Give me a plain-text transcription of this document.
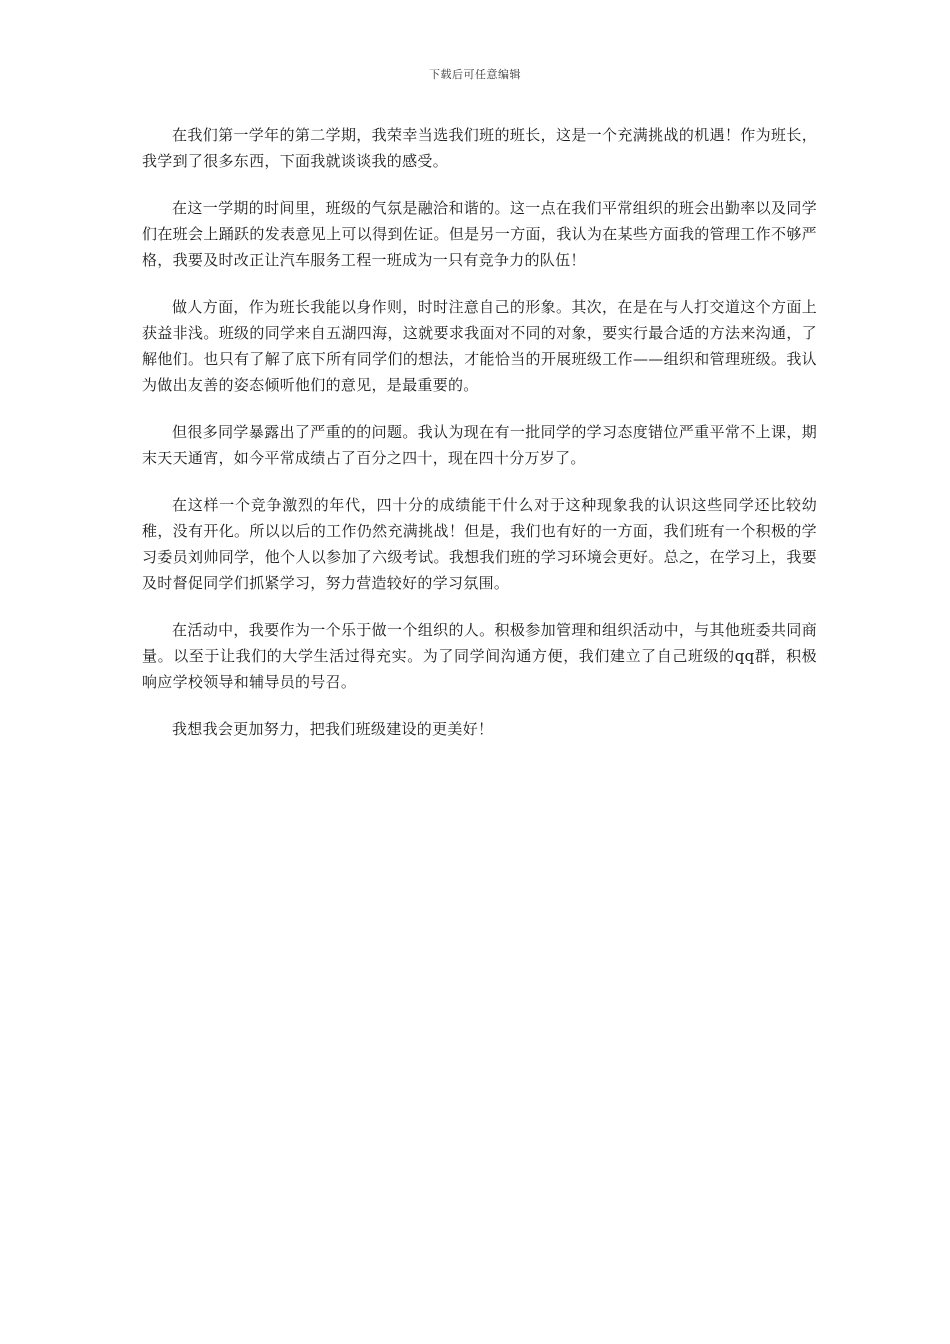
下载后可任意编辑

在我们第一学年的第二学期，我荣幸当选我们班的班长，这是一个充满挑战的机遇！作为班长，我学到了很多东西，下面我就谈谈我的感受。

在这一学期的时间里，班级的气氛是融洽和谐的。这一点在我们平常组织的班会出勤率以及同学们在班会上踊跃的发表意见上可以得到佐证。但是另一方面，我认为在某些方面我的管理工作不够严格，我要及时改正让汽车服务工程一班成为一只有竞争力的队伍！

做人方面，作为班长我能以身作则，时时注意自己的形象。其次，在是在与人打交道这个方面上获益非浅。班级的同学来自五湖四海，这就要求我面对不同的对象，要实行最合适的方法来沟通，了解他们。也只有了解了底下所有同学们的想法，才能恰当的开展班级工作——组织和管理班级。我认为做出友善的姿态倾听他们的意见，是最重要的。

但很多同学暴露出了严重的的问题。我认为现在有一批同学的学习态度错位严重平常不上课，期末天天通宵，如今平常成绩占了百分之四十，现在四十分万岁了。

在这样一个竞争激烈的年代，四十分的成绩能干什么对于这种现象我的认识这些同学还比较幼稚，没有开化。所以以后的工作仍然充满挑战！但是，我们也有好的一方面，我们班有一个积极的学习委员刘帅同学，他个人以参加了六级考试。我想我们班的学习环境会更好。总之，在学习上，我要及时督促同学们抓紧学习，努力营造较好的学习氛围。

在活动中，我要作为一个乐于做一个组织的人。积极参加管理和组织活动中，与其他班委共同商量。以至于让我们的大学生活过得充实。为了同学间沟通方便，我们建立了自己班级的qq群，积极响应学校领导和辅导员的号召。

我想我会更加努力，把我们班级建设的更美好！
